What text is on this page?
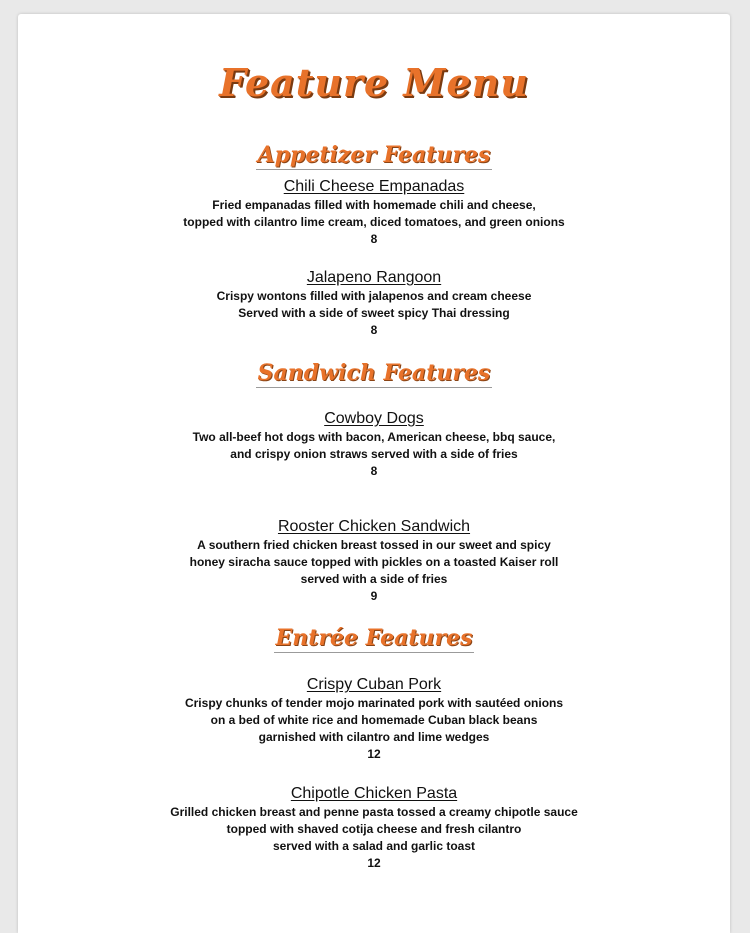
Feature Menu
Appetizer Features
Chili Cheese Empanadas
Fried empanadas filled with homemade chili and cheese,
topped with cilantro lime cream, diced tomatoes, and green onions
8
Jalapeno Rangoon
Crispy wontons filled with jalapenos and cream cheese
Served with a side of sweet spicy Thai dressing
8
Sandwich Features
Cowboy Dogs
Two all-beef hot dogs with bacon, American cheese, bbq sauce,
and crispy onion straws served with a side of fries
8
Rooster Chicken Sandwich
A southern fried chicken breast tossed in our sweet and spicy
honey siracha sauce topped with pickles on a toasted Kaiser roll
served with a side of fries
9
Entrée Features
Crispy Cuban Pork
Crispy chunks of tender mojo marinated pork with sautéed onions
on a bed of white rice and homemade Cuban black beans
garnished with cilantro and lime wedges
12
Chipotle Chicken Pasta
Grilled chicken breast and penne pasta tossed a creamy chipotle sauce
topped with shaved cotija cheese and fresh cilantro
served with a salad and garlic toast
12
